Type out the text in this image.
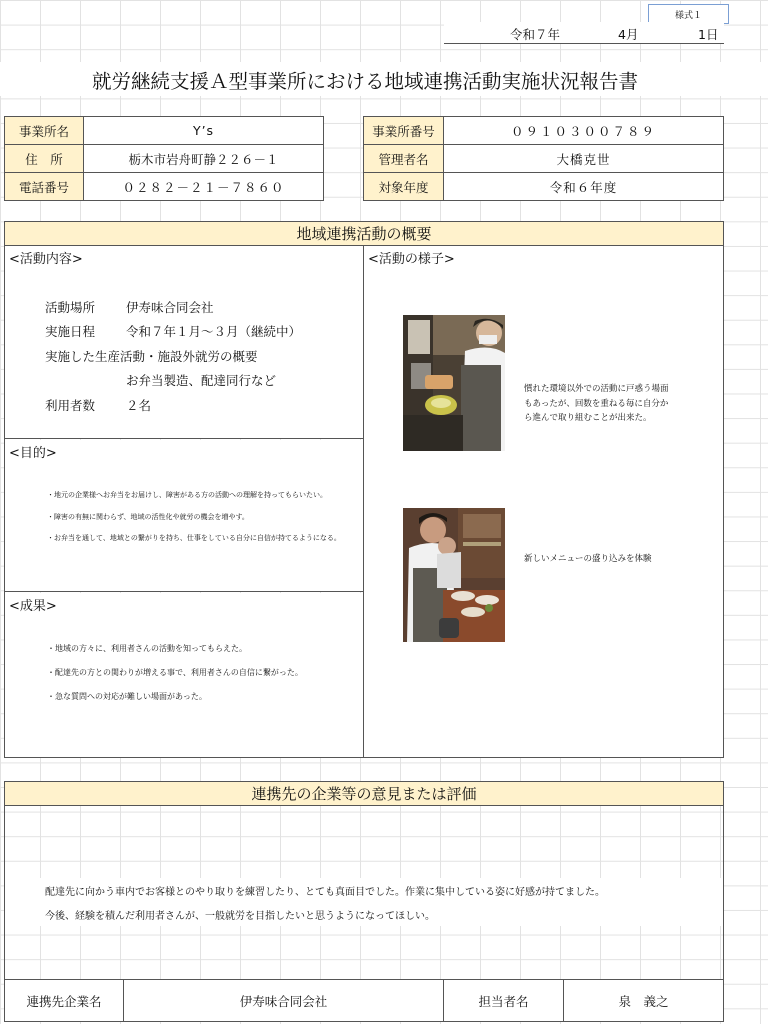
様式１
令和７年	4月	1日
就労継続支援Ａ型事業所における地域連携活動実施状況報告書
事業所名	Y’s
住　所	栃木市岩舟町静２２６－１
電話番号	０２８２－２１－７８６０
事業所番号	０９１０３００７８９
管理者名	大橋克世
対象年度	令和６年度
地域連携活動の概要
<活動内容>
活動場所 伊寿味合同会社
実施日程 令和７年１月～３月（継続中）
実施した生産活動・施設外就労の概要
お弁当製造、配達同行など
利用者数 ２名
<目的>
・地元の企業様へお弁当をお届けし、障害がある方の活動への理解を持ってもらいたい。
・障害の有無に関わらず、地域の活性化や就労の機会を増やす。
・お弁当を通して、地域との繋がりを持ち、仕事をしている自分に自信が持てるようになる。
<成果>
・地域の方々に、利用者さんの活動を知ってもらえた。
・配達先の方との関わりが増える事で、利用者さんの自信に繋がった。
・急な質問への対応が難しい場面があった。
<活動の様子>
慣れた環境以外での活動に戸惑う場面
もあったが、回数を重ねる毎に自分か
ら進んで取り組むことが出来た。
新しいメニューの盛り込みを体験
連携先の企業等の意見または評価
配達先に向かう車内でお客様とのやり取りを練習したり、とても真面目でした。作業に集中している姿に好感が持てました。
今後、経験を積んだ利用者さんが、一般就労を目指したいと思うようになってほしい。
連携先企業名	伊寿味合同会社	担当者名	泉　義之
